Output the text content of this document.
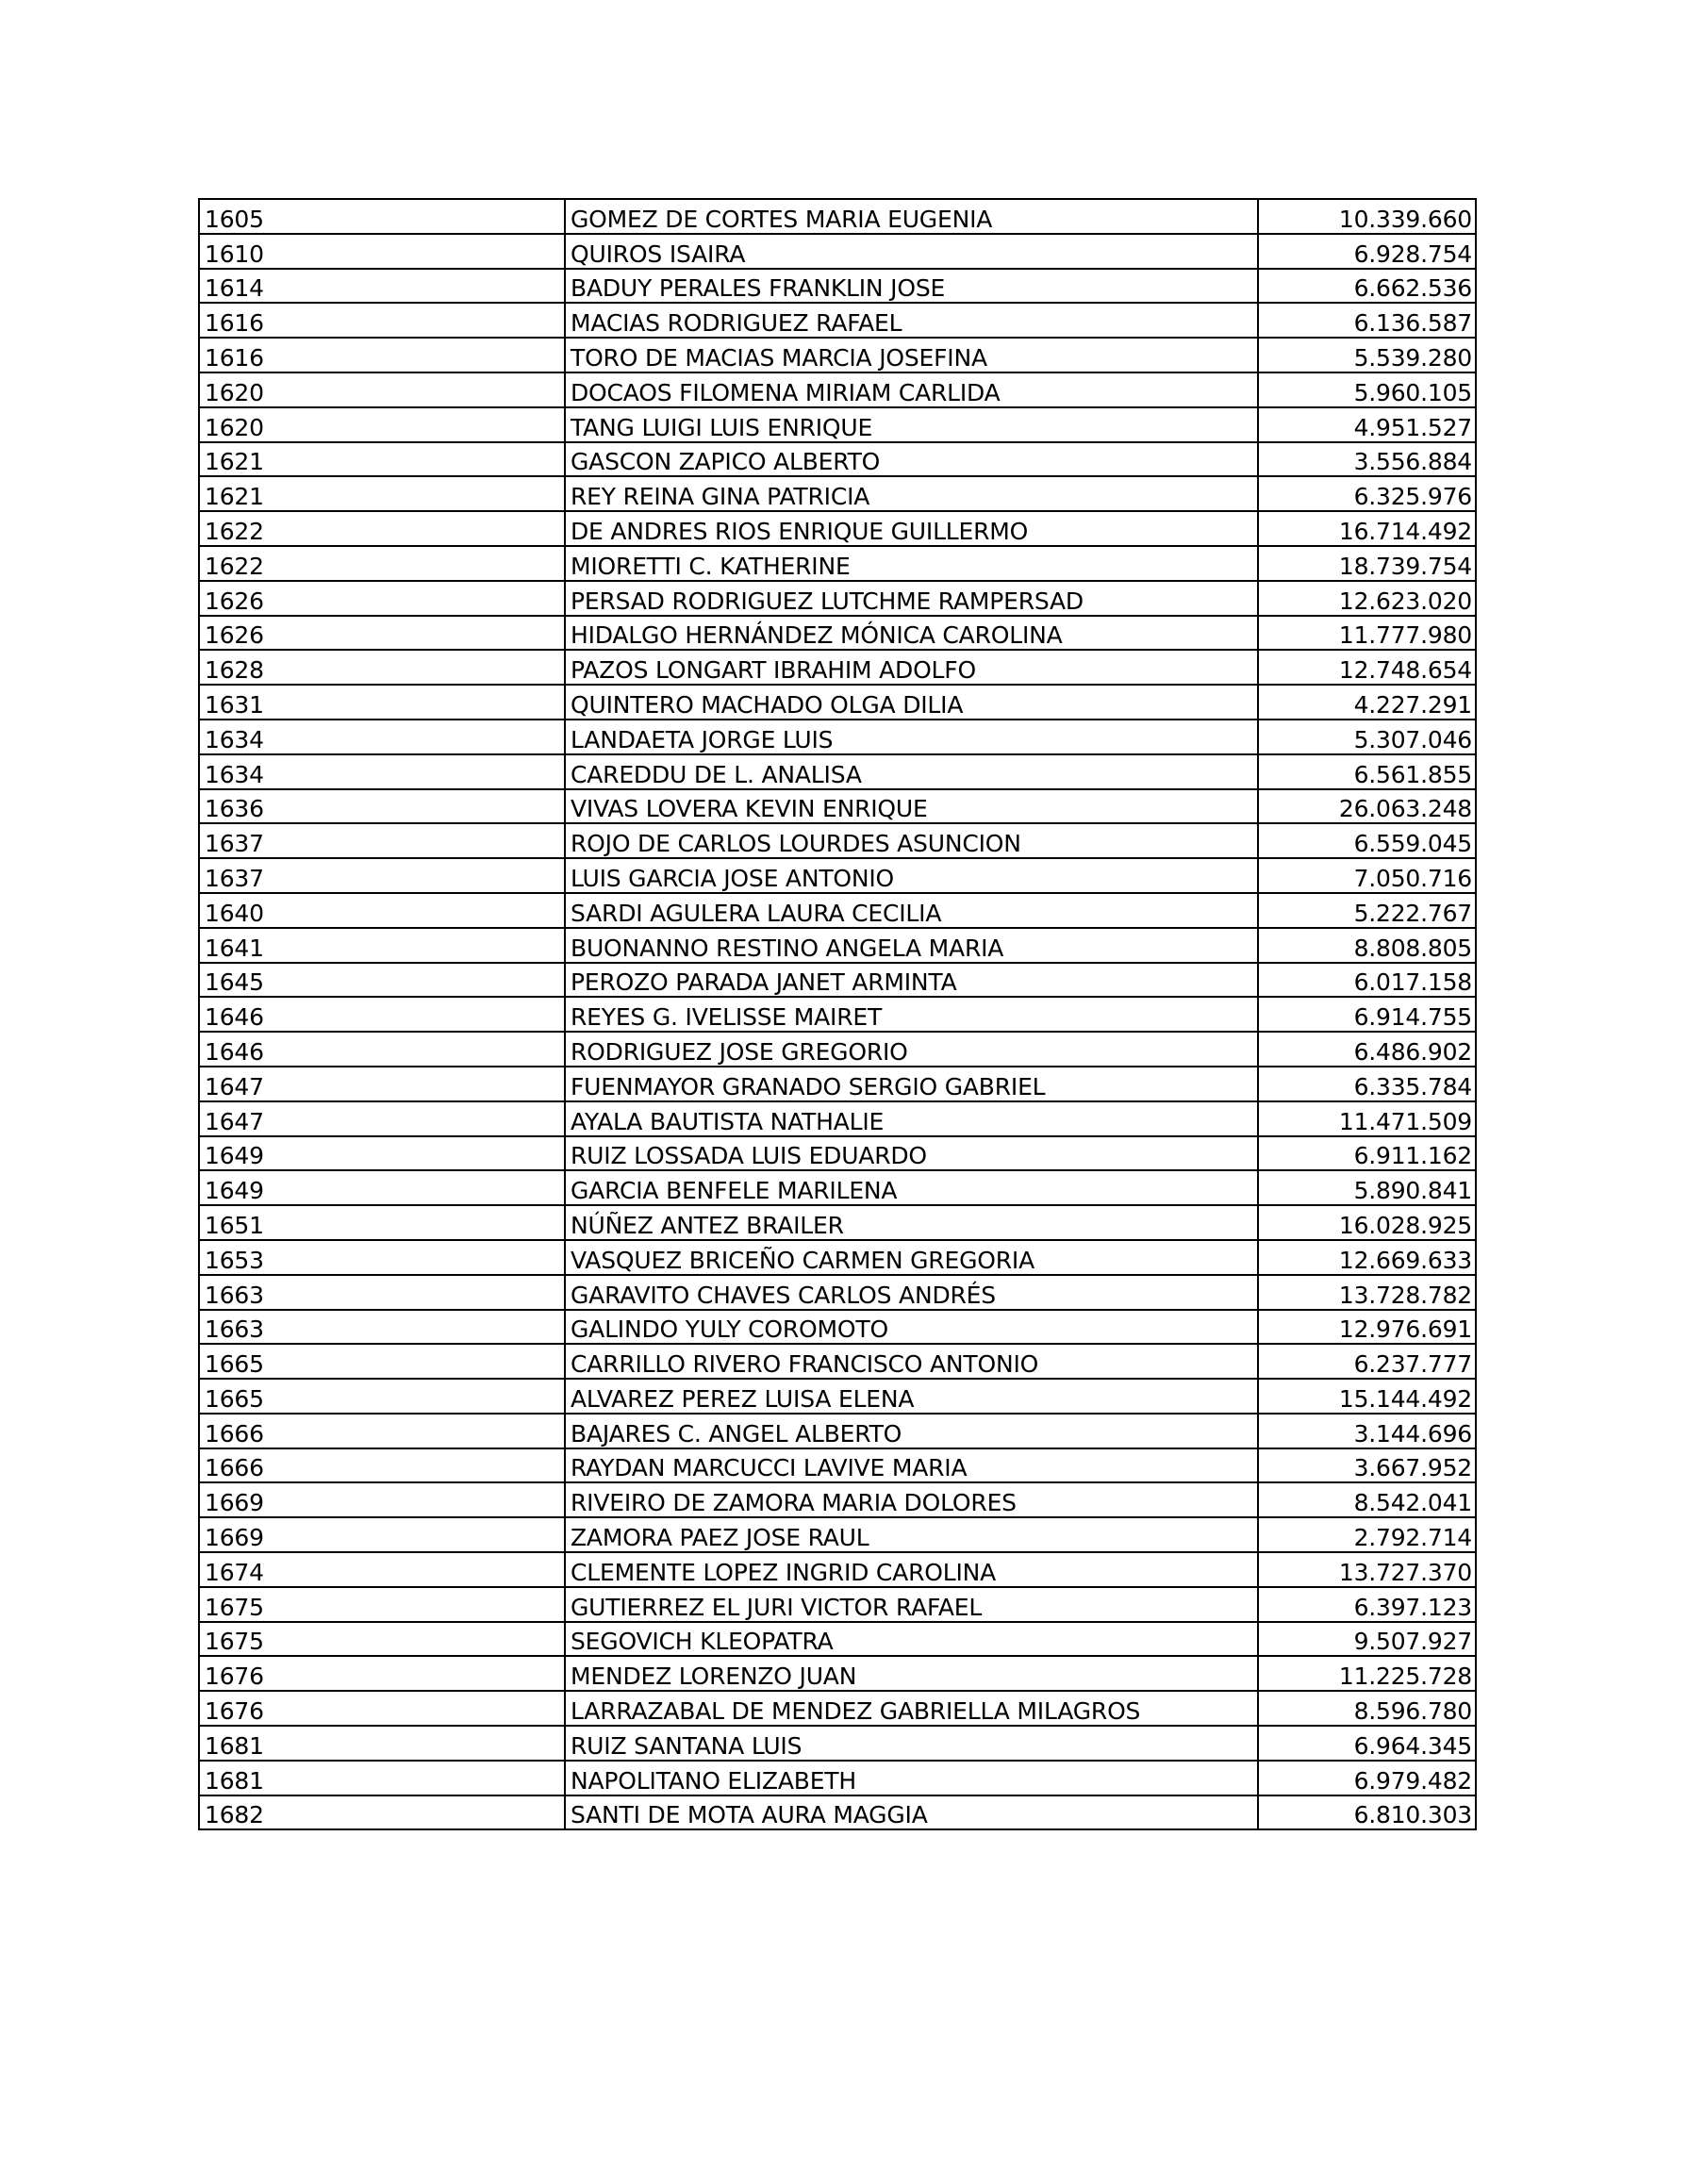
1605	GOMEZ DE CORTES MARIA EUGENIA	10.339.660
1610	QUIROS ISAIRA	6.928.754
1614	BADUY PERALES FRANKLIN JOSE	6.662.536
1616	MACIAS RODRIGUEZ RAFAEL	6.136.587
1616	TORO DE MACIAS MARCIA JOSEFINA	5.539.280
1620	DOCAOS FILOMENA MIRIAM CARLIDA	5.960.105
1620	TANG LUIGI LUIS ENRIQUE	4.951.527
1621	GASCON ZAPICO ALBERTO	3.556.884
1621	REY REINA GINA PATRICIA	6.325.976
1622	DE ANDRES RIOS ENRIQUE GUILLERMO	16.714.492
1622	MIORETTI C. KATHERINE	18.739.754
1626	PERSAD RODRIGUEZ LUTCHME RAMPERSAD	12.623.020
1626	HIDALGO HERNÁNDEZ MÓNICA CAROLINA	11.777.980
1628	PAZOS LONGART IBRAHIM ADOLFO	12.748.654
1631	QUINTERO MACHADO OLGA DILIA	4.227.291
1634	LANDAETA JORGE LUIS	5.307.046
1634	CAREDDU DE L. ANALISA	6.561.855
1636	VIVAS LOVERA KEVIN ENRIQUE	26.063.248
1637	ROJO DE CARLOS LOURDES ASUNCION	6.559.045
1637	LUIS GARCIA JOSE ANTONIO	7.050.716
1640	SARDI AGULERA LAURA CECILIA	5.222.767
1641	BUONANNO RESTINO ANGELA MARIA	8.808.805
1645	PEROZO PARADA JANET ARMINTA	6.017.158
1646	REYES G. IVELISSE MAIRET	6.914.755
1646	RODRIGUEZ JOSE GREGORIO	6.486.902
1647	FUENMAYOR GRANADO SERGIO GABRIEL	6.335.784
1647	AYALA BAUTISTA NATHALIE	11.471.509
1649	RUIZ LOSSADA LUIS EDUARDO	6.911.162
1649	GARCIA BENFELE MARILENA	5.890.841
1651	NÚÑEZ ANTEZ BRAILER	16.028.925
1653	VASQUEZ BRICEÑO CARMEN GREGORIA	12.669.633
1663	GARAVITO CHAVES CARLOS ANDRÉS	13.728.782
1663	GALINDO YULY COROMOTO	12.976.691
1665	CARRILLO RIVERO FRANCISCO ANTONIO	6.237.777
1665	ALVAREZ PEREZ LUISA ELENA	15.144.492
1666	BAJARES C. ANGEL ALBERTO	3.144.696
1666	RAYDAN MARCUCCI LAVIVE MARIA	3.667.952
1669	RIVEIRO DE ZAMORA MARIA DOLORES	8.542.041
1669	ZAMORA PAEZ JOSE RAUL	2.792.714
1674	CLEMENTE LOPEZ INGRID CAROLINA	13.727.370
1675	GUTIERREZ EL JURI VICTOR RAFAEL	6.397.123
1675	SEGOVICH KLEOPATRA	9.507.927
1676	MENDEZ LORENZO JUAN	11.225.728
1676	LARRAZABAL DE MENDEZ GABRIELLA MILAGROS	8.596.780
1681	RUIZ SANTANA LUIS	6.964.345
1681	NAPOLITANO ELIZABETH	6.979.482
1682	SANTI DE MOTA AURA MAGGIA	6.810.303
